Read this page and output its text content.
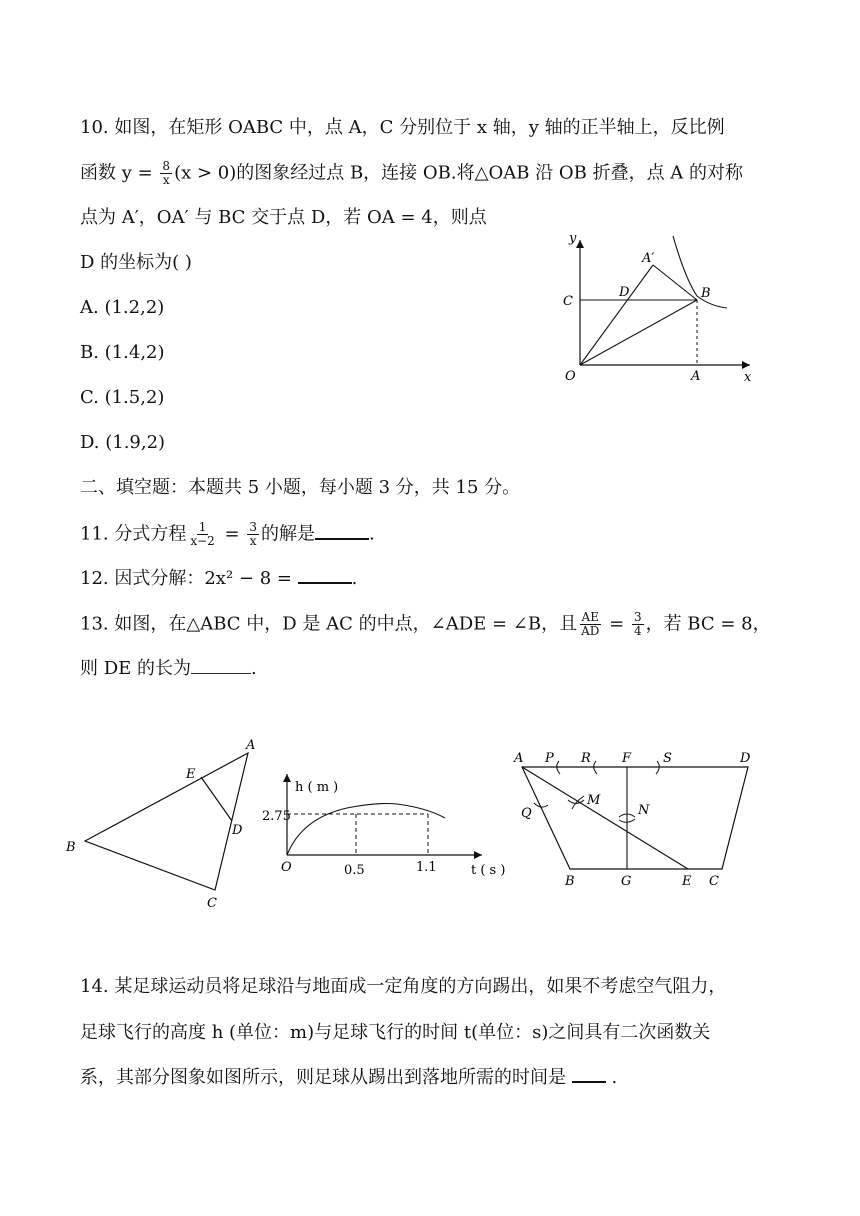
10. 如图，在矩形 OABC 中，点 A，C 分别位于 x 轴，y 轴的正半轴上，反比例
函数 $y = \frac{8}{x} (x > 0)$的图象经过点 B，连接 OB.将△OAB 沿 OB 折叠，点 A 的对称
点为 A′，OA′ 与 BC 交于点 D，若 OA = 4，则点
D 的坐标为( )
A. (1.2,2)
B. (1.4,2)
C. (1.5,2)
D. (1.9,2)
y
A′
C
D	B
O	A	x
二、填空题：本题共 5 小题，每小题 3 分，共 15 分。
11. 分式方程 $\frac{1}{x-2} = \frac{3}{x}$ 的解是	.
12. 因式分解：2x² − 8 =	.
13. 如图，在△ABC 中，D 是 AC 的中点，∠ADE = ∠B，且 $\frac{AE}{AD} = \frac{3}{4}$ ，若 BC = 8，
则 DE 的长为	.
A
E
D
B
C
h ( m )
2.75
O	0.5	1.1	t ( s )
A P R F S	D
Q
M
N
B	G	E C
14. 某足球运动员将足球沿与地面成一定角度的方向踢出，如果不考虑空气阻力，
足球飞行的高度 h (单位：m)与足球飞行的时间 t(单位：s)之间具有二次函数关
系，其部分图象如图所示，则足球从踢出到落地所需的时间是  .
